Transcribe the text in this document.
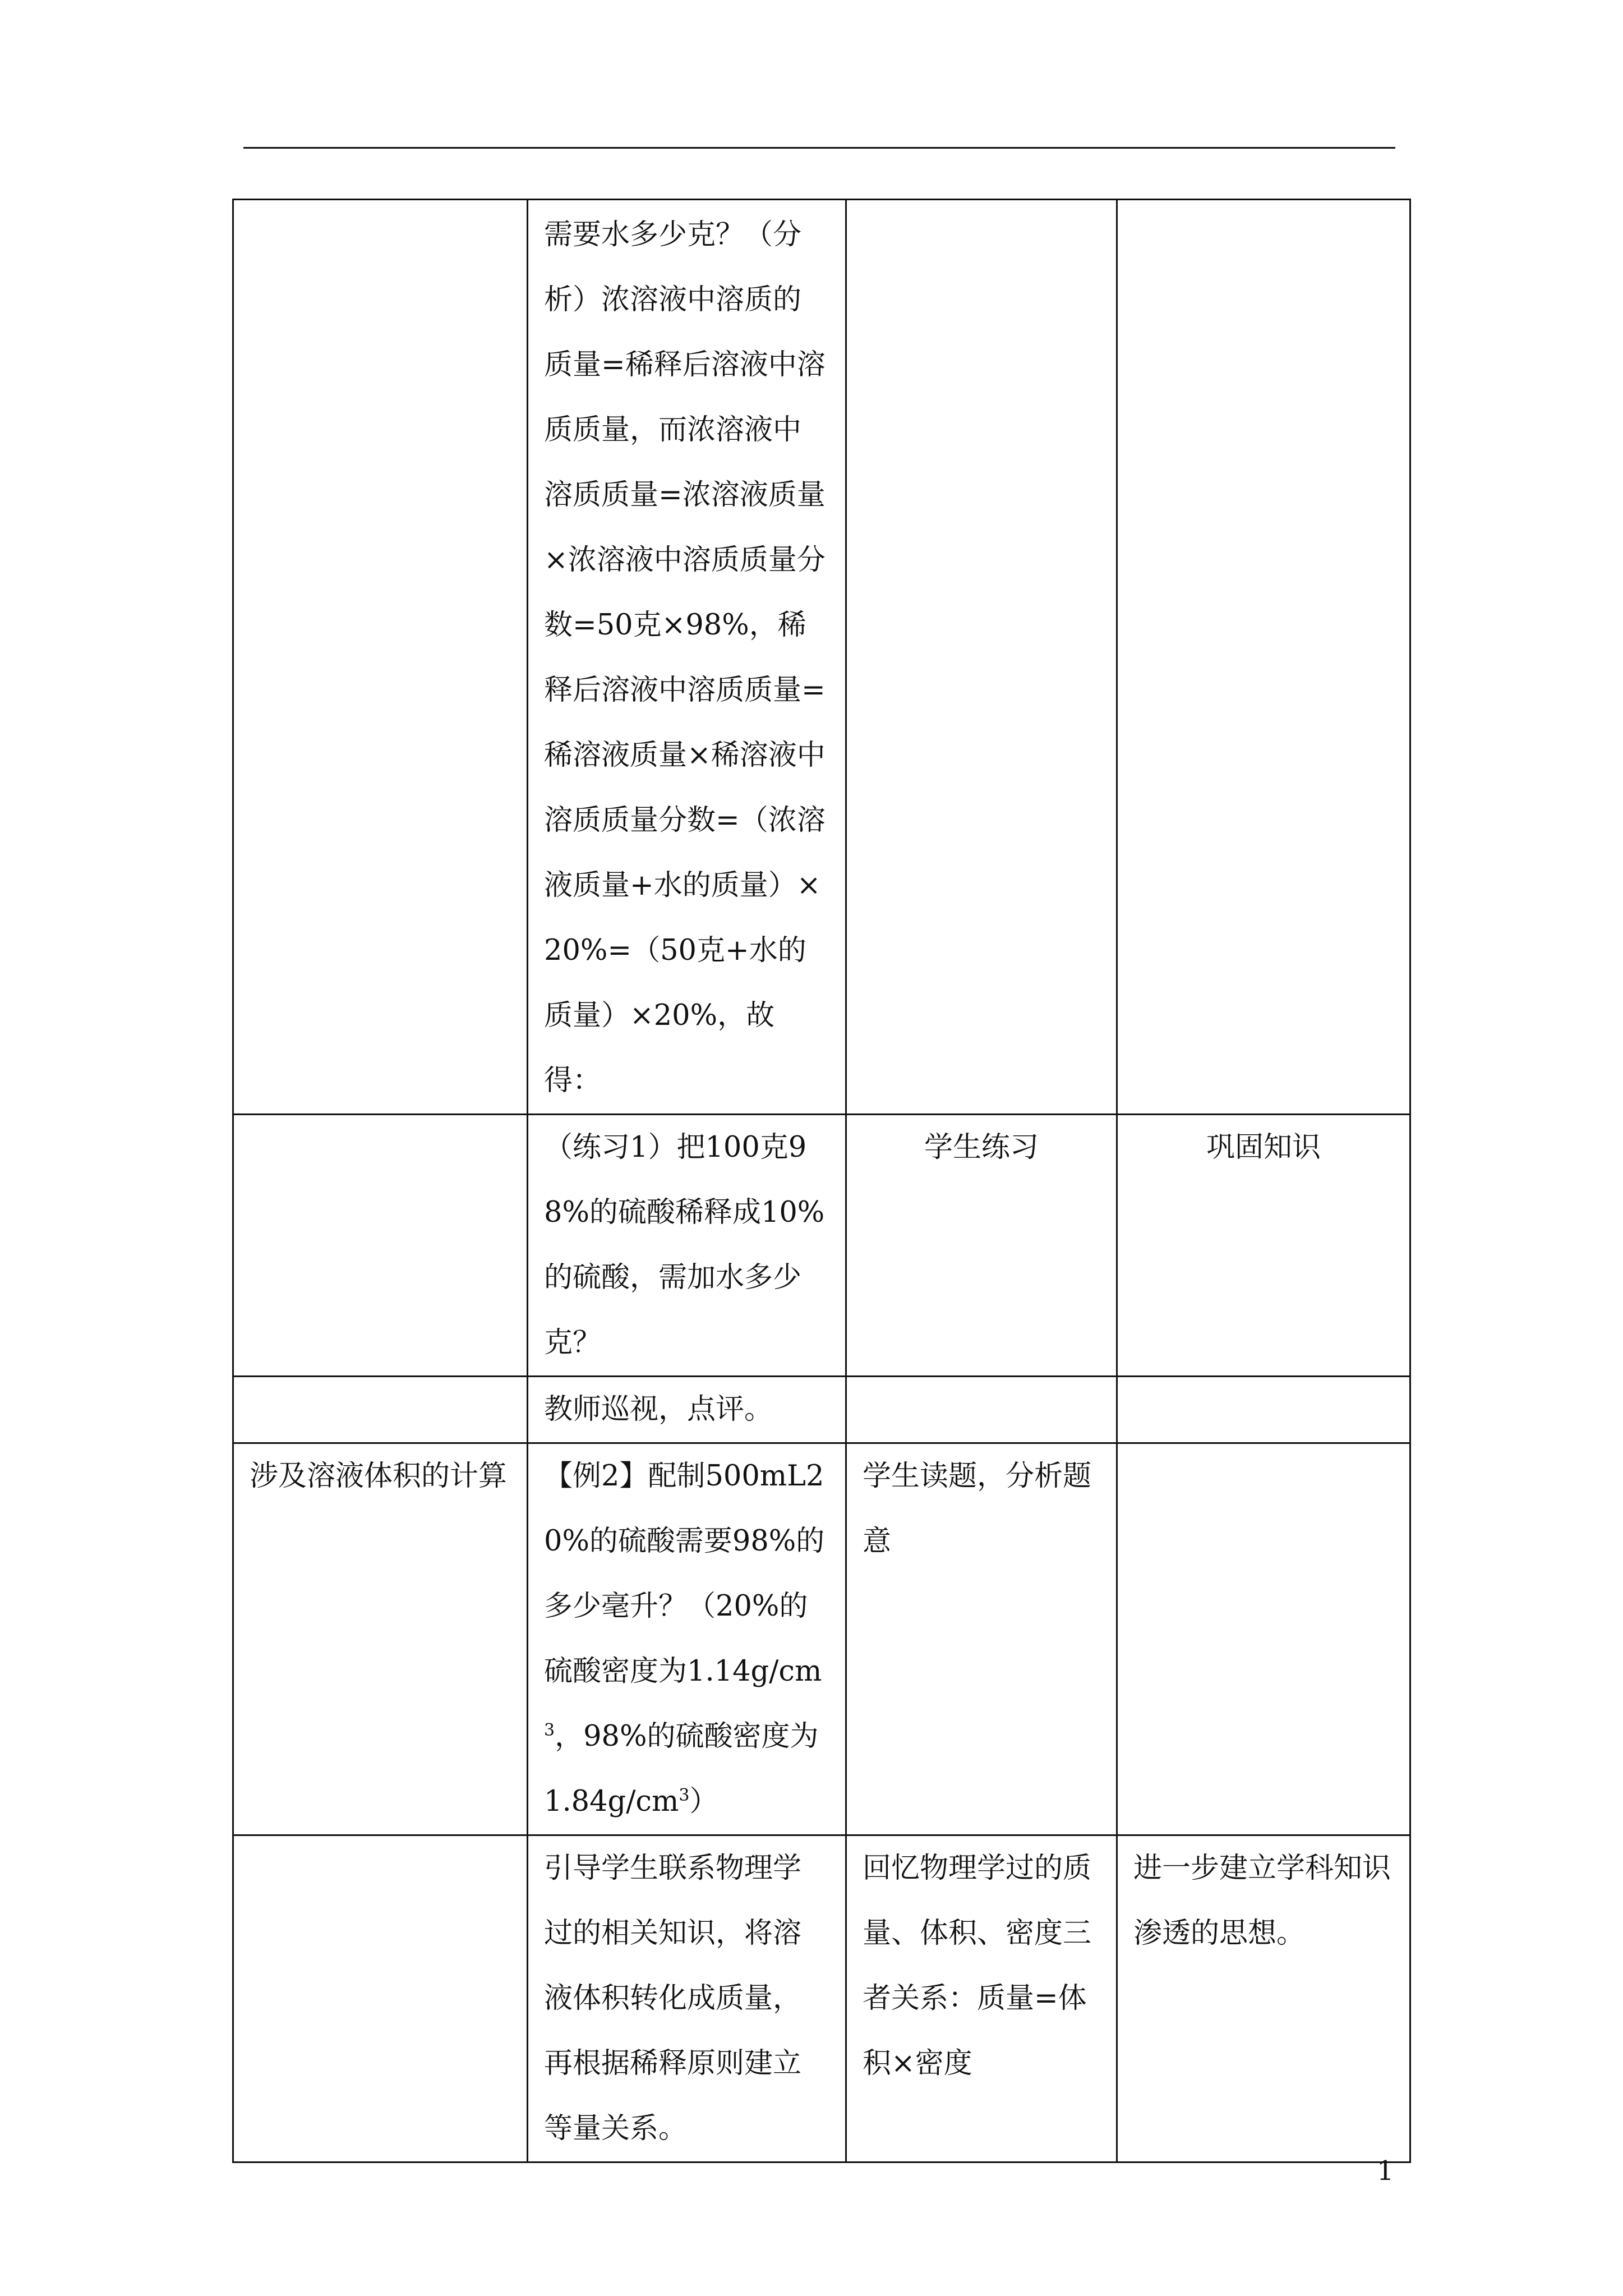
	需要水多少克？（分析）浓溶液中溶质的质量=稀释后溶液中溶质质量，而浓溶液中溶质质量=浓溶液质量×浓溶液中溶质质量分数=50克×98%，稀释后溶液中溶质质量=稀溶液质量×稀溶液中溶质质量分数=（浓溶液质量+水的质量）×20%=（50克+水的质量）×20%，故得：		

	（练习1）把100克98%的硫酸稀释成10%的硫酸，需加水多少克？	学生练习	巩固知识

	教师巡视，点评。		

涉及溶液体积的计算	【例2】配制500mL20%的硫酸需要98%的多少毫升？（20%的硫酸密度为$1.14g/cm^3$，98%的硫酸密度为$1.84g/cm^3$）	学生读题，分析题意	

	引导学生联系物理学过的相关知识，将溶液体积转化成质量，再根据稀释原则建立等量关系。	回忆物理学过的质量、体积、密度三者关系：质量=体积×密度	进一步建立学科知识渗透的思想。
1
